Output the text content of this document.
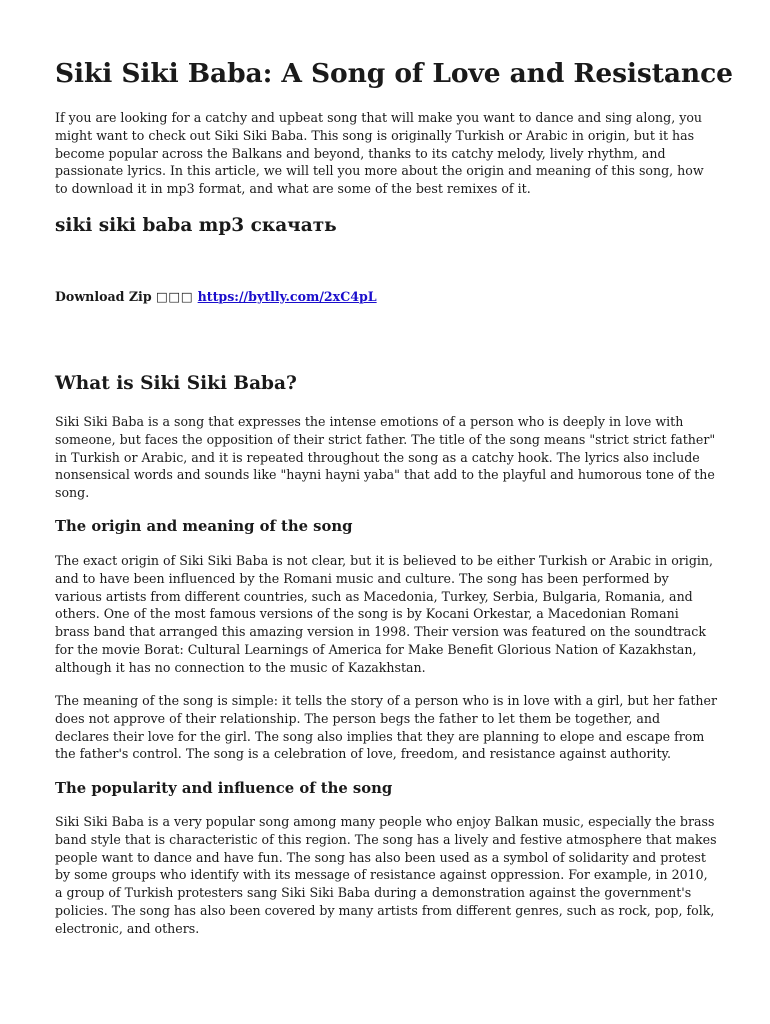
Siki Siki Baba: A Song of Love and Resistance

If you are looking for a catchy and upbeat song that will make you want to dance and sing along, you might want to check out Siki Siki Baba. This song is originally Turkish or Arabic in origin, but it has become popular across the Balkans and beyond, thanks to its catchy melody, lively rhythm, and passionate lyrics. In this article, we will tell you more about the origin and meaning of this song, how to download it in mp3 format, and what are some of the best remixes of it.

siki siki baba mp3 скачать
Download Zip □□□ https://bytlly.com/2xC4pL
What is Siki Siki Baba?

Siki Siki Baba is a song that expresses the intense emotions of a person who is deeply in love with someone, but faces the opposition of their strict father. The title of the song means "strict strict father" in Turkish or Arabic, and it is repeated throughout the song as a catchy hook. The lyrics also include nonsensical words and sounds like "hayni hayni yaba" that add to the playful and humorous tone of the song.

The origin and meaning of the song

The exact origin of Siki Siki Baba is not clear, but it is believed to be either Turkish or Arabic in origin, and to have been influenced by the Romani music and culture. The song has been performed by various artists from different countries, such as Macedonia, Turkey, Serbia, Bulgaria, Romania, and others. One of the most famous versions of the song is by Kocani Orkestar, a Macedonian Romani brass band that arranged this amazing version in 1998. Their version was featured on the soundtrack for the movie Borat: Cultural Learnings of America for Make Benefit Glorious Nation of Kazakhstan, although it has no connection to the music of Kazakhstan.

The meaning of the song is simple: it tells the story of a person who is in love with a girl, but her father does not approve of their relationship. The person begs the father to let them be together, and declares their love for the girl. The song also implies that they are planning to elope and escape from the father's control. The song is a celebration of love, freedom, and resistance against authority.

The popularity and influence of the song

Siki Siki Baba is a very popular song among many people who enjoy Balkan music, especially the brass band style that is characteristic of this region. The song has a lively and festive atmosphere that makes people want to dance and have fun. The song has also been used as a symbol of solidarity and protest by some groups who identify with its message of resistance against oppression. For example, in 2010, a group of Turkish protesters sang Siki Siki Baba during a demonstration against the government's policies. The song has also been covered by many artists from different genres, such as rock, pop, folk, electronic, and others.
